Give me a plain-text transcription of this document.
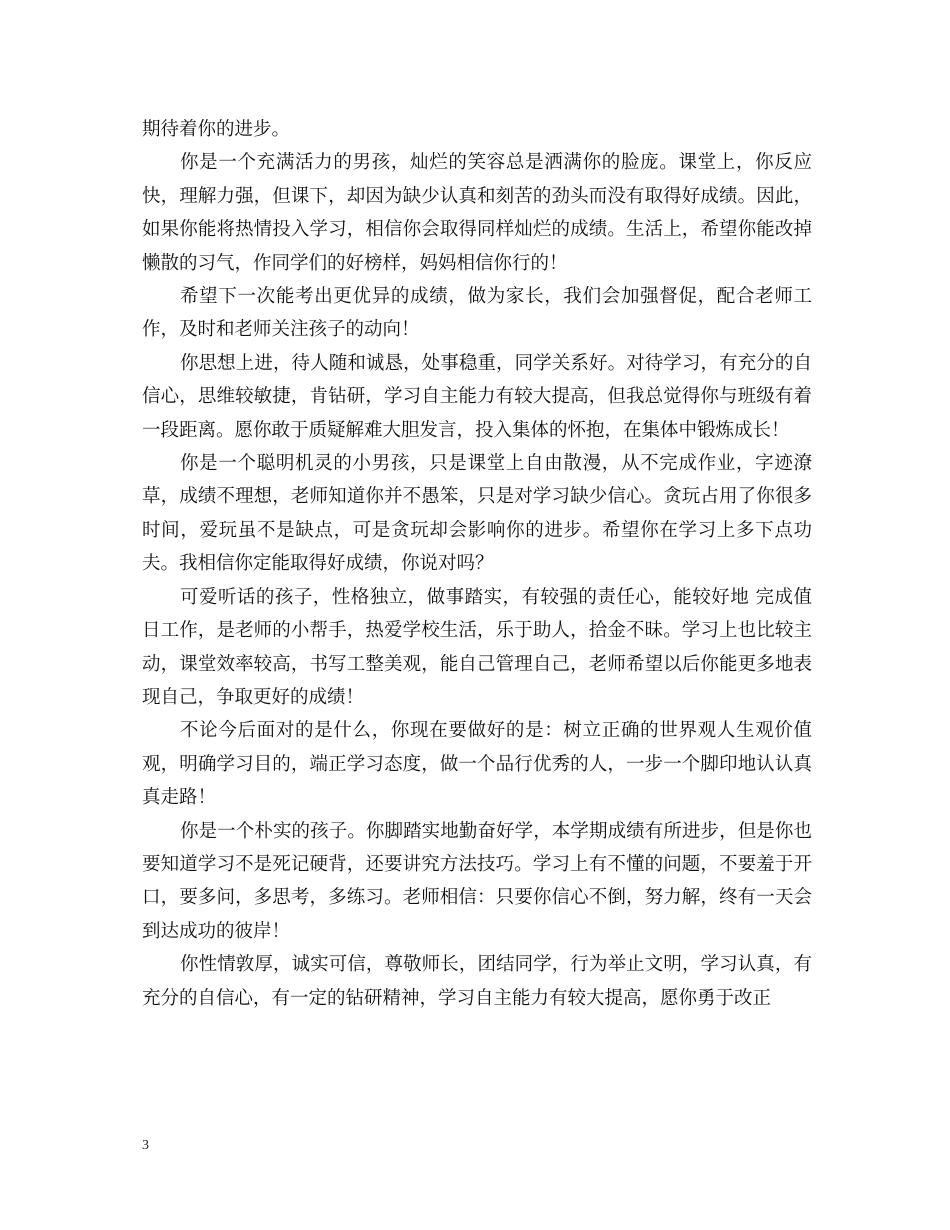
期待着你的进步。

你是一个充满活力的男孩，灿烂的笑容总是洒满你的脸庞。课堂上，你反应快，理解力强，但课下，却因为缺少认真和刻苦的劲头而没有取得好成绩。因此，如果你能将热情投入学习，相信你会取得同样灿烂的成绩。生活上，希望你能改掉懒散的习气，作同学们的好榜样，妈妈相信你行的！

希望下一次能考出更优异的成绩，做为家长，我们会加强督促，配合老师工作，及时和老师关注孩子的动向！

你思想上进，待人随和诚恳，处事稳重，同学关系好。对待学习，有充分的自信心，思维较敏捷，肯钻研，学习自主能力有较大提高，但我总觉得你与班级有着一段距离。愿你敢于质疑解难大胆发言，投入集体的怀抱，在集体中锻炼成长！

你是一个聪明机灵的小男孩，只是课堂上自由散漫，从不完成作业，字迹潦草，成绩不理想，老师知道你并不愚笨，只是对学习缺少信心。贪玩占用了你很多时间，爱玩虽不是缺点，可是贪玩却会影响你的进步。希望你在学习上多下点功夫。我相信你定能取得好成绩，你说对吗？

可爱听话的孩子，性格独立，做事踏实，有较强的责任心，能较好地 完成值日工作，是老师的小帮手，热爱学校生活，乐于助人，拾金不昧。学习上也比较主动，课堂效率较高，书写工整美观，能自己管理自己，老师希望以后你能更多地表现自己，争取更好的成绩！

不论今后面对的是什么，你现在要做好的是：树立正确的世界观人生观价值观，明确学习目的，端正学习态度，做一个品行优秀的人，一步一个脚印地认认真真走路！

你是一个朴实的孩子。你脚踏实地勤奋好学，本学期成绩有所进步，但是你也要知道学习不是死记硬背，还要讲究方法技巧。学习上有不懂的问题，不要羞于开口，要多问，多思考，多练习。老师相信：只要你信心不倒，努力解，终有一天会到达成功的彼岸！

你性情敦厚，诚实可信，尊敬师长，团结同学，行为举止文明，学习认真，有充分的自信心，有一定的钻研精神，学习自主能力有较大提高，愿你勇于改正

3
